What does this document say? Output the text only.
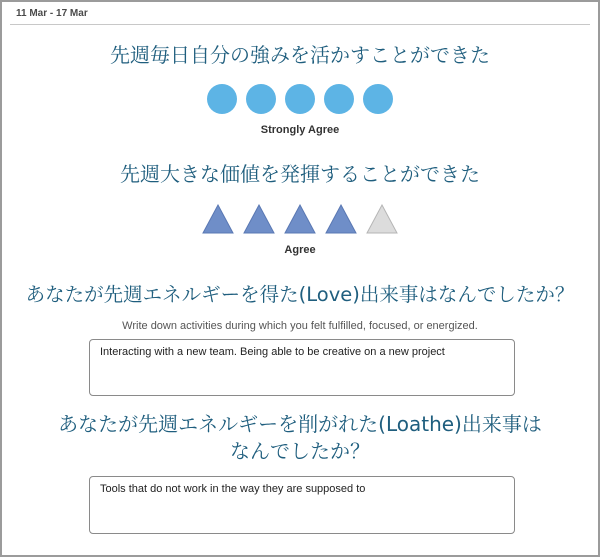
11 Mar - 17 Mar
先週毎日自分の強みを活かすことができた
Strongly Agree
先週大きな価値を発揮することができた
Agree
あなたが先週エネルギーを得た(Love)出来事はなんでしたか？
Write down activities during which you felt fulfilled, focused, or energized.
Interacting with a new team. Being able to be creative on a new project
あなたが先週エネルギーを削がれた(Loathe)出来事は
なんでしたか？
Tools that do not work in the way they are supposed to
